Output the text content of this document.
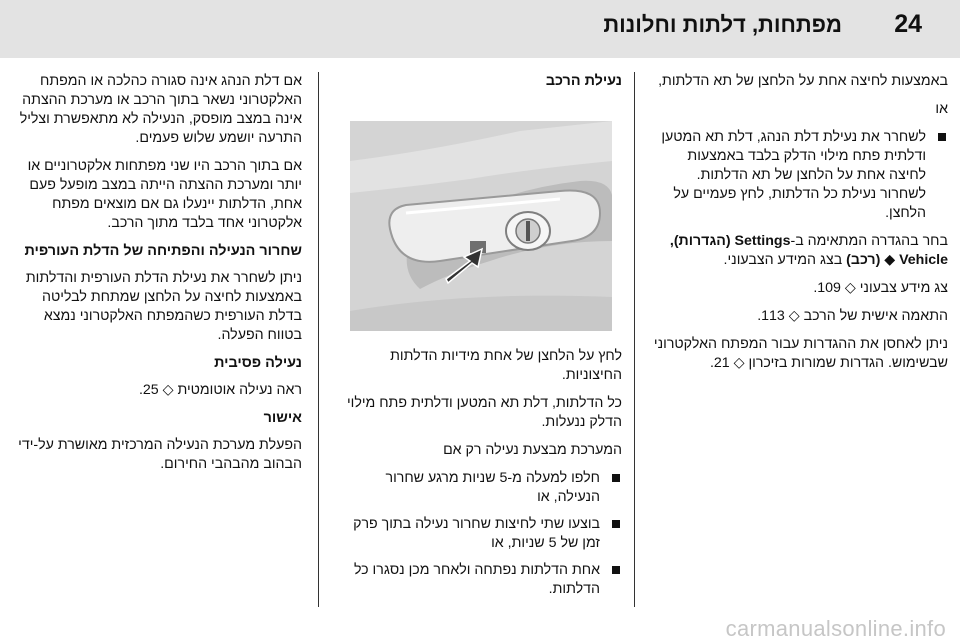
24
מפתחות, דלתות וחלונות

באמצעות לחיצה אחת על הלחצן של תא הדלתות,

או

לשחרר את נעילת דלת הנהג, דלת תא המטען ודלתית פתח מילוי הדלק בלבד באמצעות לחיצה אחת על הלחצן של תא הדלתות. לשחרור נעילת כל הדלתות, לחץ פעמיים על הלחצן.

בחר בהגדרה המתאימה ב-Settings (הגדרות), Vehicle ◆ (רכב) בצג המידע הצבעוני.

צג מידע צבעוני ◇ 109.

התאמה אישית של הרכב ◇ 113.

ניתן לאחסן את ההגדרות עבור המפתח האלקטרוני שבשימוש. הגדרות שמורות בזיכרון ◇ 21.

נעילת הרכב

לחץ על הלחצן של אחת מידיות הדלתות החיצוניות.

כל הדלתות, דלת תא המטען ודלתית פתח מילוי הדלק ננעלות.

המערכת מבצעת נעילה רק אם

חלפו למעלה מ-5 שניות מרגע שחרור הנעילה, או
בוצעו שתי לחיצות שחרור נעילה בתוך פרק זמן של 5 שניות, או
אחת הדלתות נפתחה ולאחר מכן נסגרו כל הדלתות.

אם דלת הנהג אינה סגורה כהלכה או המפתח האלקטרוני נשאר בתוך הרכב או מערכת ההצתה אינה במצב מופסק, הנעילה לא מתאפשרת וצליל התרעה יושמע שלוש פעמים.

אם בתוך הרכב היו שני מפתחות אלקטרוניים או יותר ומערכת ההצתה הייתה במצב מופעל פעם אחת, הדלתות יינעלו גם אם מוצאים מפתח אלקטרוני אחד בלבד מתוך הרכב.

שחרור הנעילה והפתיחה של הדלת העורפית

ניתן לשחרר את נעילת הדלת העורפית והדלתות באמצעות לחיצה על הלחצן שמתחת לבליטה בדלת העורפית כשהמפתח האלקטרוני נמצא בטווח הפעלה.

נעילה פסיבית

ראה נעילה אוטומטית ◇ 25.

אישור

הפעלת מערכת הנעילה המרכזית מאושרת על-ידי הבהוב מהבהבי החירום.

carmanualsonline.info
